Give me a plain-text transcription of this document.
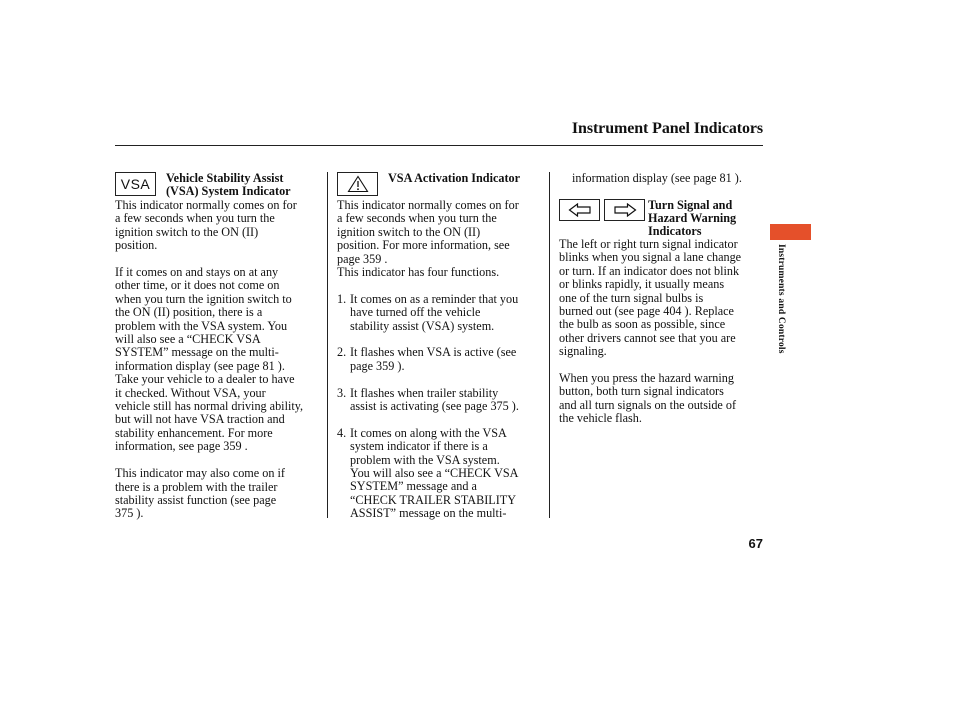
Instrument Panel Indicators
VSA Vehicle Stability Assist
(VSA) System Indicator

This indicator normally comes on for
a few seconds when you turn the
ignition switch to the ON (II)
position.

If it comes on and stays on at any
other time, or it does not come on
when you turn the ignition switch to
the ON (II) position, there is a
problem with the VSA system. You
will also see a “CHECK VSA
SYSTEM” message on the multi-
information display (see page 81 ).
Take your vehicle to a dealer to have
it checked. Without VSA, your
vehicle still has normal driving ability,
but will not have VSA traction and
stability enhancement. For more
information, see page 359 .

This indicator may also come on if
there is a problem with the trailer
stability assist function (see page
375 ).

VSA Activation Indicator

This indicator normally comes on for
a few seconds when you turn the
ignition switch to the ON (II)
position. For more information, see
page 359 .
This indicator has four functions.

1. It comes on as a reminder that you
have turned off the vehicle
stability assist (VSA) system.
2. It flashes when VSA is active (see
page 359 ).
3. It flashes when trailer stability
assist is activating (see page 375 ).
4. It comes on along with the VSA
system indicator if there is a
problem with the VSA system.
You will also see a “CHECK VSA
SYSTEM” message and a
“CHECK TRAILER STABILITY
ASSIST” message on the multi-
information display (see page 81 ).
Turn Signal and
Hazard Warning
Indicators

The left or right turn signal indicator
blinks when you signal a lane change
or turn. If an indicator does not blink
or blinks rapidly, it usually means
one of the turn signal bulbs is
burned out (see page 404 ). Replace
the bulb as soon as possible, since
other drivers cannot see that you are
signaling.

When you press the hazard warning
button, both turn signal indicators
and all turn signals on the outside of
the vehicle flash.

Instruments and Controls
67
